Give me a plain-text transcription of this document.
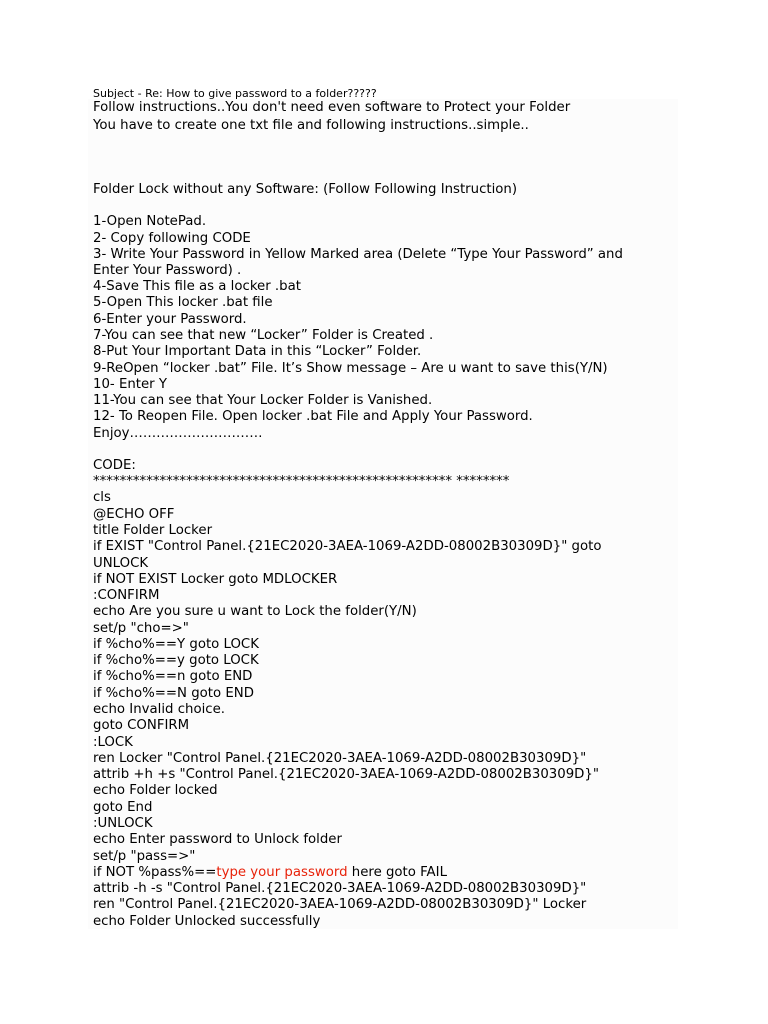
Subject - Re: How to give password to a folder?????
Follow instructions..You don't need even software to Protect your Folder
You have to create one txt file and following instructions..simple..
Folder Lock without any Software: (Follow Following Instruction)
1-Open NotePad.
2- Copy following CODE
3- Write Your Password in Yellow Marked area (Delete “Type Your Password” and
Enter Your Password) .
4-Save This file as a locker .bat
5-Open This locker .bat file
6-Enter your Password.
7-You can see that new “Locker” Folder is Created .
8-Put Your Important Data in this “Locker” Folder.
9-ReOpen “locker .bat” File. It’s Show message – Are u want to save this(Y/N)
10- Enter Y
11-You can see that Your Locker Folder is Vanished.
12- To Reopen File. Open locker .bat File and Apply Your Password.
Enjoy…………………………
CODE:
****************************************************** ********
cls
@ECHO OFF
title Folder Locker
if EXIST "Control Panel.{21EC2020-3AEA-1069-A2DD-08002B30309D}" goto
UNLOCK
if NOT EXIST Locker goto MDLOCKER
:CONFIRM
echo Are you sure u want to Lock the folder(Y/N)
set/p "cho=>"
if %cho%==Y goto LOCK
if %cho%==y goto LOCK
if %cho%==n goto END
if %cho%==N goto END
echo Invalid choice.
goto CONFIRM
:LOCK
ren Locker "Control Panel.{21EC2020-3AEA-1069-A2DD-08002B30309D}"
attrib +h +s "Control Panel.{21EC2020-3AEA-1069-A2DD-08002B30309D}"
echo Folder locked
goto End
:UNLOCK
echo Enter password to Unlock folder
set/p "pass=>"
if NOT %pass%==type your password here goto FAIL
attrib -h -s "Control Panel.{21EC2020-3AEA-1069-A2DD-08002B30309D}"
ren "Control Panel.{21EC2020-3AEA-1069-A2DD-08002B30309D}" Locker
echo Folder Unlocked successfully
